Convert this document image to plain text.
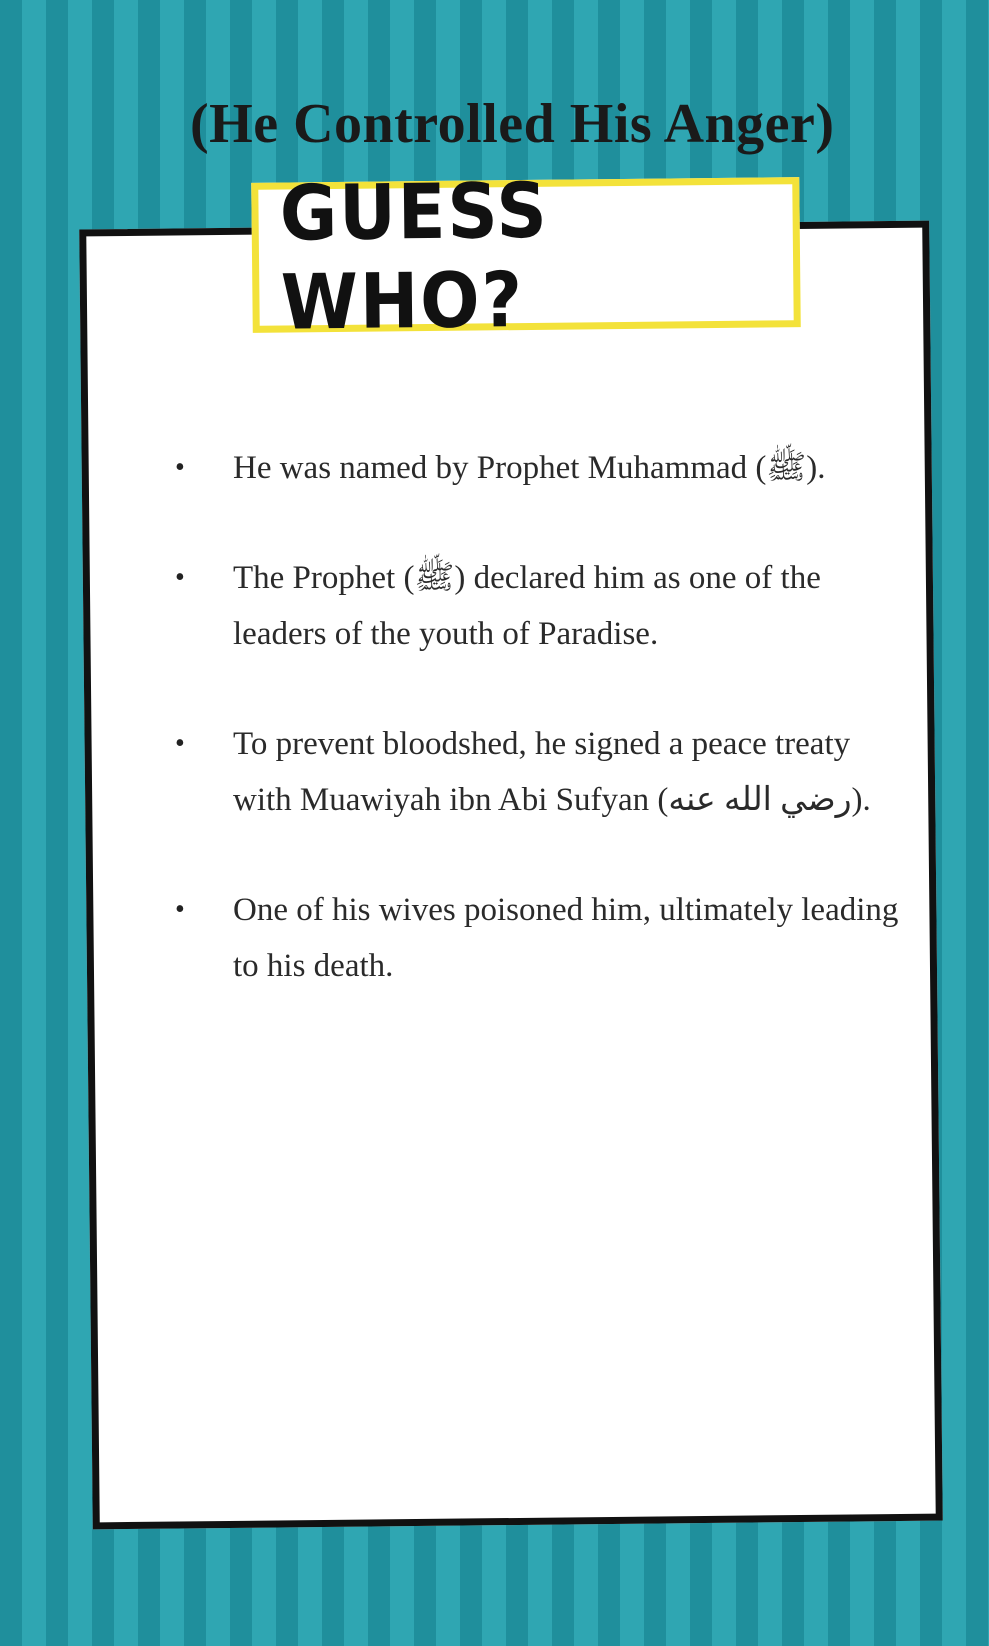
(He Controlled His Anger)
GUESS WHO?
• He was named by Prophet Muhammad (ﷺ).
• The Prophet (ﷺ) declared him as one of the leaders of the youth of Paradise.
• To prevent bloodshed, he signed a peace treaty with Muawiyah ibn Abi Sufyan (رضي الله عنه).
• One of his wives poisoned him, ultimately leading to his death.
